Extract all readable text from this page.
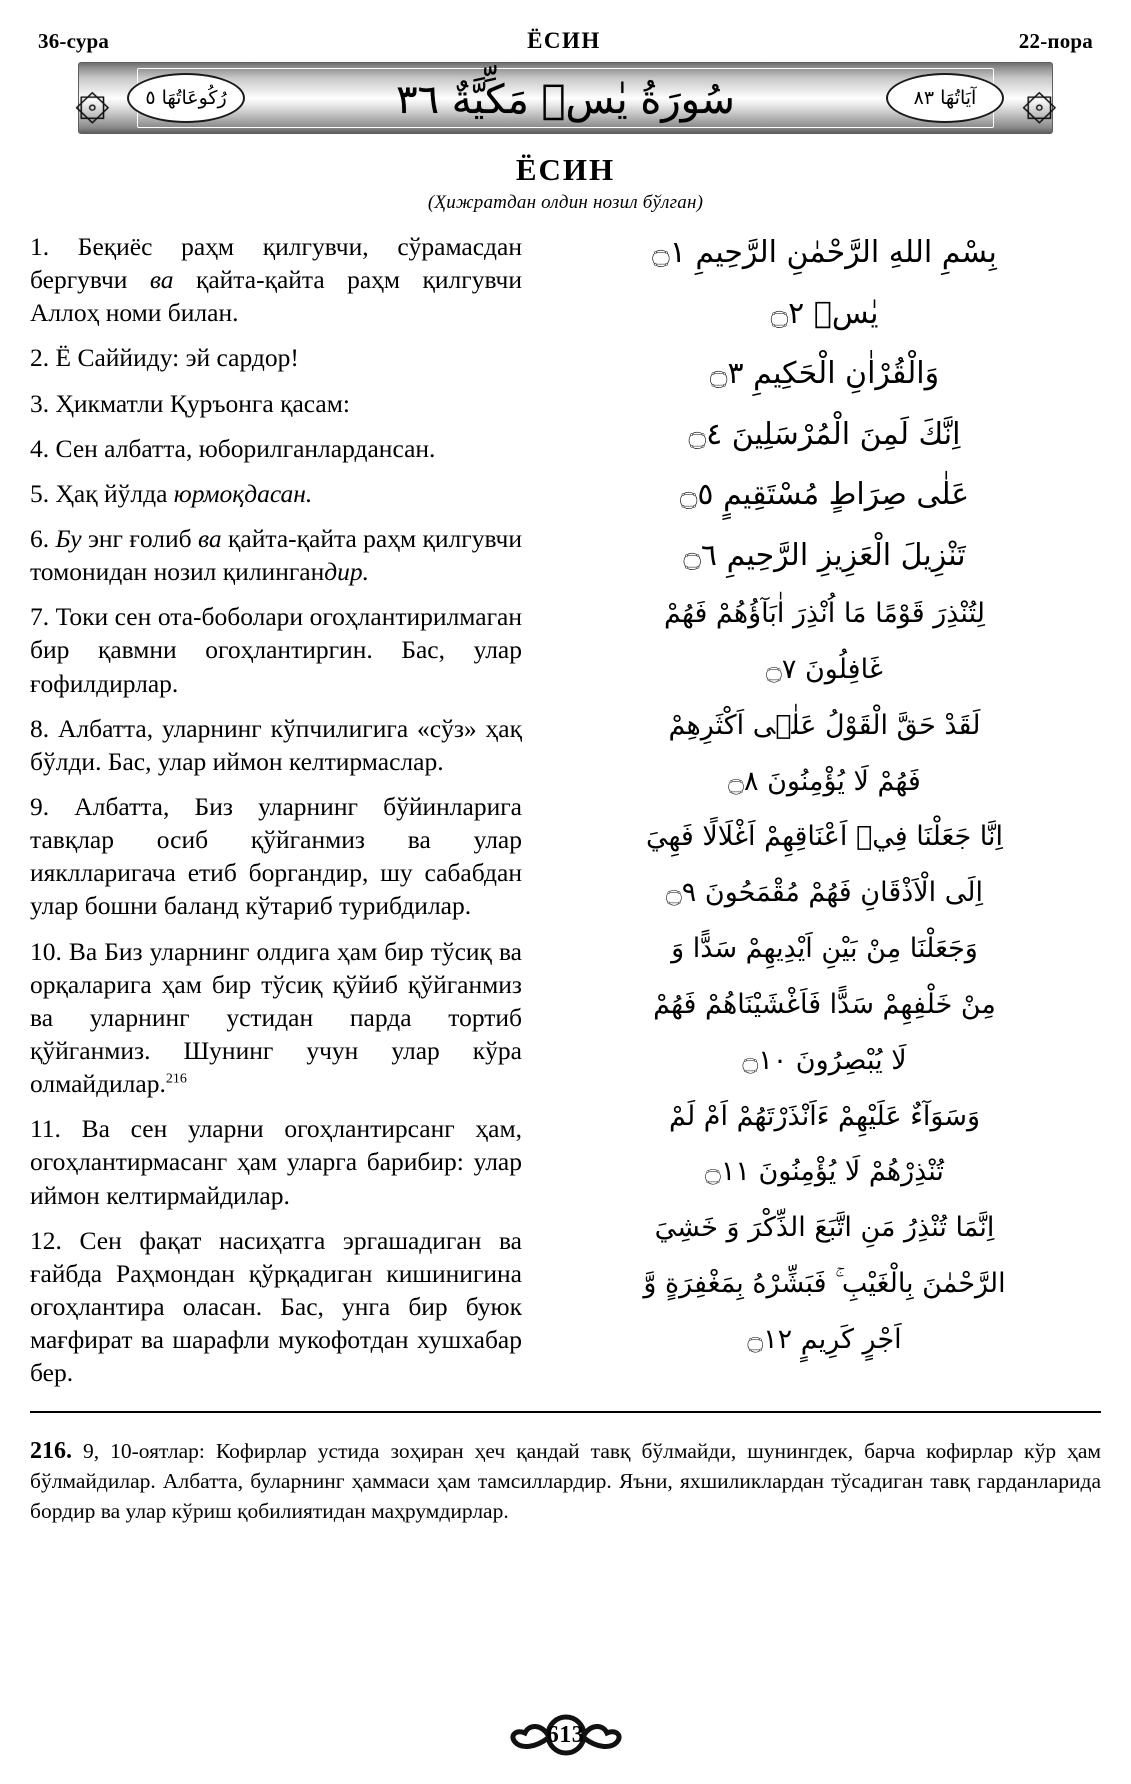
36-сура	ЁСИН	22-пора
۞ رُكُوعَاتُهَا ٥	سُورَةُ يٰسۤ مَكِّيَّةٌ ٣٦	آيَاتُهَا ٨٣ ۞
ЁСИН
(Ҳижратдан олдин нозил бўлган)

1. Беқиёс раҳм қилгувчи, сўрамасдан бергувчи ва қайта-қайта раҳм қилгувчи Аллоҳ номи билан.

2. Ё Саййиду: эй сардор!

3. Ҳикматли Қуръонга қасам:

4. Сен албатта, юборилганлардансан.

5. Ҳақ йўлда юрмоқдасан.

6. Бу энг ғолиб ва қайта-қайта раҳм қилгувчи томонидан нозил қилингандир.

7. Токи сен ота-боболари огоҳлантирилмаган бир қавмни огоҳлантиргин. Бас, улар ғофилдирлар.

8. Албатта, уларнинг кўпчилигига «сўз» ҳақ бўлди. Бас, улар иймон келтирмаслар.

9. Албатта, Биз уларнинг бўйинларига тавқлар осиб қўйганмиз ва улар ияклларигача етиб боргандир, шу сабабдан улар бошни баланд кўтариб турибдилар.

10. Ва Биз уларнинг олдига ҳам бир тўсиқ ва орқаларига ҳам бир тўсиқ қўйиб қўйганмиз ва уларнинг устидан парда тортиб қўйганмиз. Шунинг учун улар кўра олмайдилар.$^{216}$

11. Ва сен уларни огоҳлантирсанг ҳам, огоҳлантирмасанг ҳам уларга барибир: улар иймон келтирмайдилар.

12. Сен фақат насиҳатга эргашадиган ва ғайбда Раҳмондан қўрқадиган кишинигина огоҳлантира оласан. Бас, унга бир буюк мағфират ва шарафли мукофотдан хушхабар бер.

بِسْمِ اللهِ الرَّحْمٰنِ الرَّحِيمِ ۝١

يٰسۤ ۝٢

وَالْقُرْاٰنِ الْحَكِيمِ ۝٣

اِنَّكَ لَمِنَ الْمُرْسَلِينَ ۝٤

عَلٰى صِرَاطٍ مُسْتَقِيمٍ ۝٥

تَنْزِيلَ الْعَزِيزِ الرَّحِيمِ ۝٦

لِتُنْذِرَ قَوْمًا مَا اُنْذِرَ اٰبَآؤُهُمْ فَهُمْ

غَافِلُونَ ۝٧

لَقَدْ حَقَّ الْقَوْلُ عَلٰۤى اَكْثَرِهِمْ

فَهُمْ لَا يُؤْمِنُونَ ۝٨

اِنَّا جَعَلْنَا فِيۤ اَعْنَاقِهِمْ اَغْلَالًا فَهِيَ

اِلَى الْاَذْقَانِ فَهُمْ مُقْمَحُونَ ۝٩

وَجَعَلْنَا مِنْ بَيْنِ اَيْدِيهِمْ سَدًّا وَ

مِنْ خَلْفِهِمْ سَدًّا فَاَغْشَيْنَاهُمْ فَهُمْ

لَا يُبْصِرُونَ ۝١٠

وَسَوَآءٌ عَلَيْهِمْ ءَاَنْذَرْتَهُمْ اَمْ لَمْ

تُنْذِرْهُمْ لَا يُؤْمِنُونَ ۝١١

اِنَّمَا تُنْذِرُ مَنِ اتَّبَعَ الذِّكْرَ وَ خَشِيَ

الرَّحْمٰنَ بِالْغَيْبِ ۚ فَبَشِّرْهُ بِمَغْفِرَةٍ وَّ

اَجْرٍ كَرِيمٍ ۝١٢

216. 9, 10-оятлар: Кофирлар устида зоҳиран ҳеч қандай тавқ бўлмайди, шунингдек, барча кофирлар кўр ҳам бўлмайдилар. Албатта, буларнинг ҳаммаси ҳам тамсиллардир. Яъни, яхшиликлардан тўсадиган тавқ гарданларида бордир ва улар кўриш қобилиятидан маҳрумдирлар.

613
